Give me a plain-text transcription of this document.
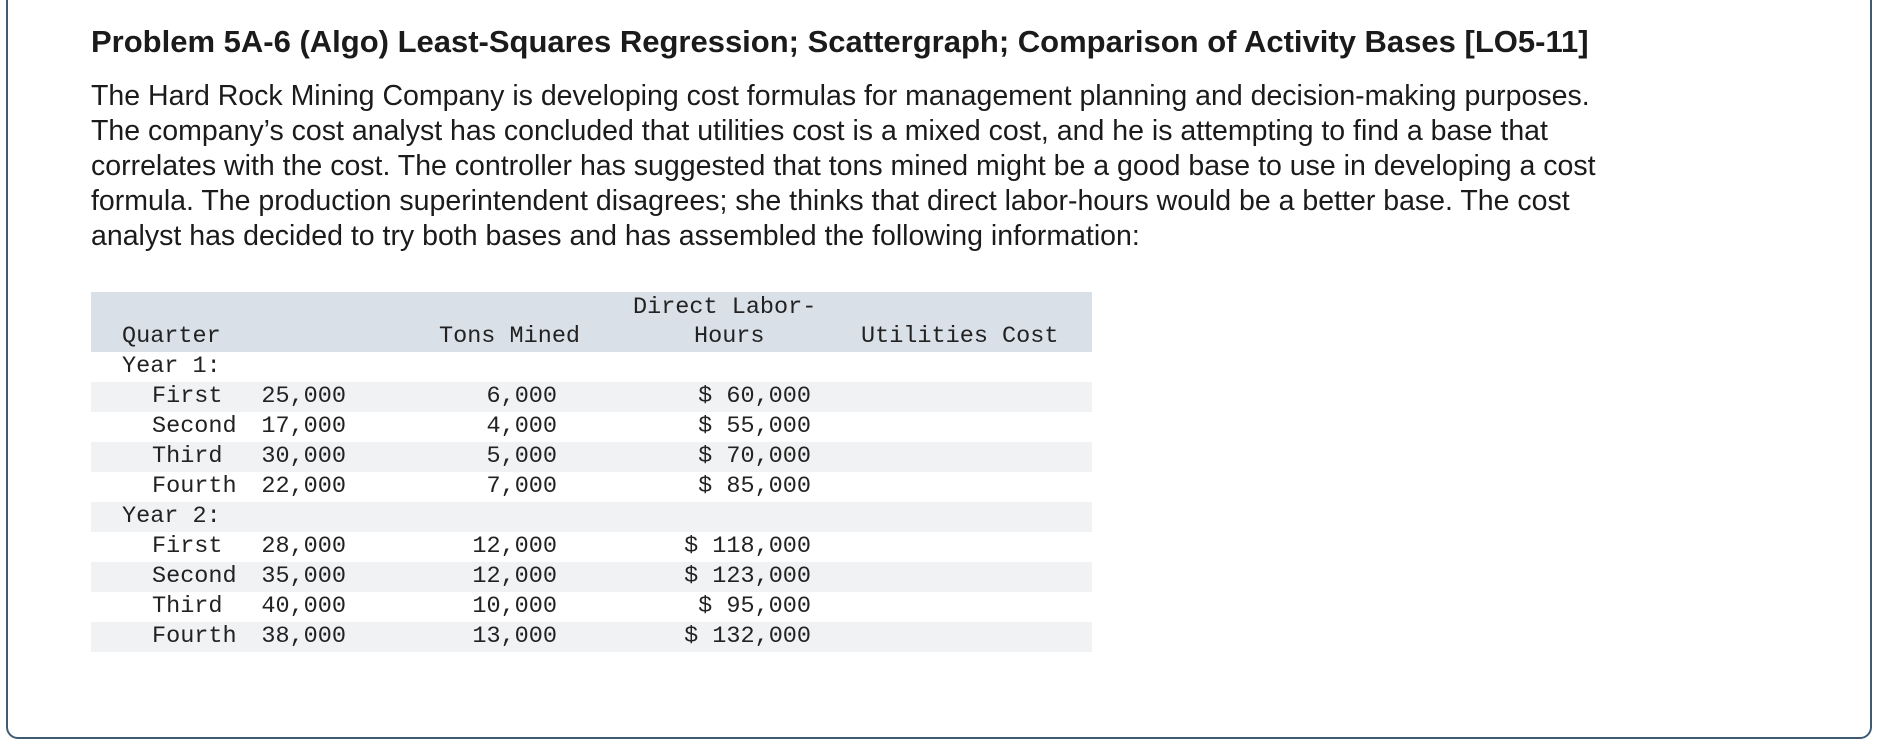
Problem 5A-6 (Algo) Least-Squares Regression; Scattergraph; Comparison of Activity Bases [LO5-11]

The Hard Rock Mining Company is developing cost formulas for management planning and decision-making purposes.
The company’s cost analyst has concluded that utilities cost is a mixed cost, and he is attempting to find a base that
correlates with the cost. The controller has suggested that tons mined might be a good base to use in developing a cost
formula. The production superintendent disagrees; she thinks that direct labor-hours would be a better base. The cost
analyst has decided to try both bases and has assembled the following information:

Quarter	Tons Mined
Direct Labor-
Hours	Utilities Cost
Year 1:
First 25,000	6,000	$ 60,000
Second 17,000	4,000	$ 55,000
Third 30,000	5,000	$ 70,000
Fourth 22,000	7,000	$ 85,000
Year 2:
First 28,000	12,000	$ 118,000
Second 35,000	12,000	$ 123,000
Third 40,000	10,000	$ 95,000
Fourth 38,000	13,000	$ 132,000
